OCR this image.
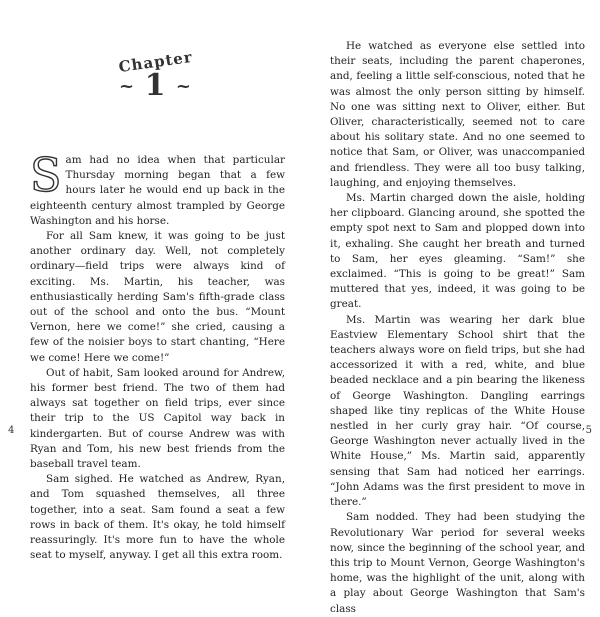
Chapter
~ 1 ~

Sam had no idea when that particular Thursday morning began that a few hours later he would end up back in the eighteenth century almost trampled by George Washington and his horse.

For all Sam knew, it was going to be just another ordinary day. Well, not completely ordinary—field trips were always kind of exciting. Ms. Martin, his teacher, was enthusiastically herding Sam's fifth-grade class out of the school and onto the bus. “Mount Vernon, here we come!” she cried, causing a few of the noisier boys to start chanting, “Here we come! Here we come!”

Out of habit, Sam looked around for Andrew, his former best friend. The two of them had always sat together on field trips, ever since their trip to the US Capitol way back in kindergarten. But of course Andrew was with Ryan and Tom, his new best friends from the baseball travel team.

Sam sighed. He watched as Andrew, Ryan, and Tom squashed themselves, all three together, into a seat. Sam found a seat a few rows in back of them. It's okay, he told himself reassuringly. It's more fun to have the whole seat to myself, anyway. I get all this extra room.

4

He watched as everyone else settled into their seats, including the parent chaperones, and, feeling a little self-conscious, noted that he was almost the only person sitting by himself. No one was sitting next to Oliver, either. But Oliver, characteristically, seemed not to care about his solitary state. And no one seemed to notice that Sam, or Oliver, was unaccompanied and friendless. They were all too busy talking, laughing, and enjoying themselves.

Ms. Martin charged down the aisle, holding her clipboard. Glancing around, she spotted the empty spot next to Sam and plopped down into it, exhaling. She caught her breath and turned to Sam, her eyes gleaming. “Sam!” she exclaimed. “This is going to be great!” Sam muttered that yes, indeed, it was going to be great.

Ms. Martin was wearing her dark blue Eastview Elementary School shirt that the teachers always wore on field trips, but she had accessorized it with a red, white, and blue beaded necklace and a pin bearing the likeness of George Washington. Dangling earrings shaped like tiny replicas of the White House nestled in her curly gray hair. “Of course, George Washington never actually lived in the White House,” Ms. Martin said, apparently sensing that Sam had noticed her earrings. “John Adams was the first president to move in there.”

Sam nodded. They had been studying the Revolutionary War period for several weeks now, since the beginning of the school year, and this trip to Mount Vernon, George Washington's home, was the highlight of the unit, along with a play about George Washington that Sam's class

5
